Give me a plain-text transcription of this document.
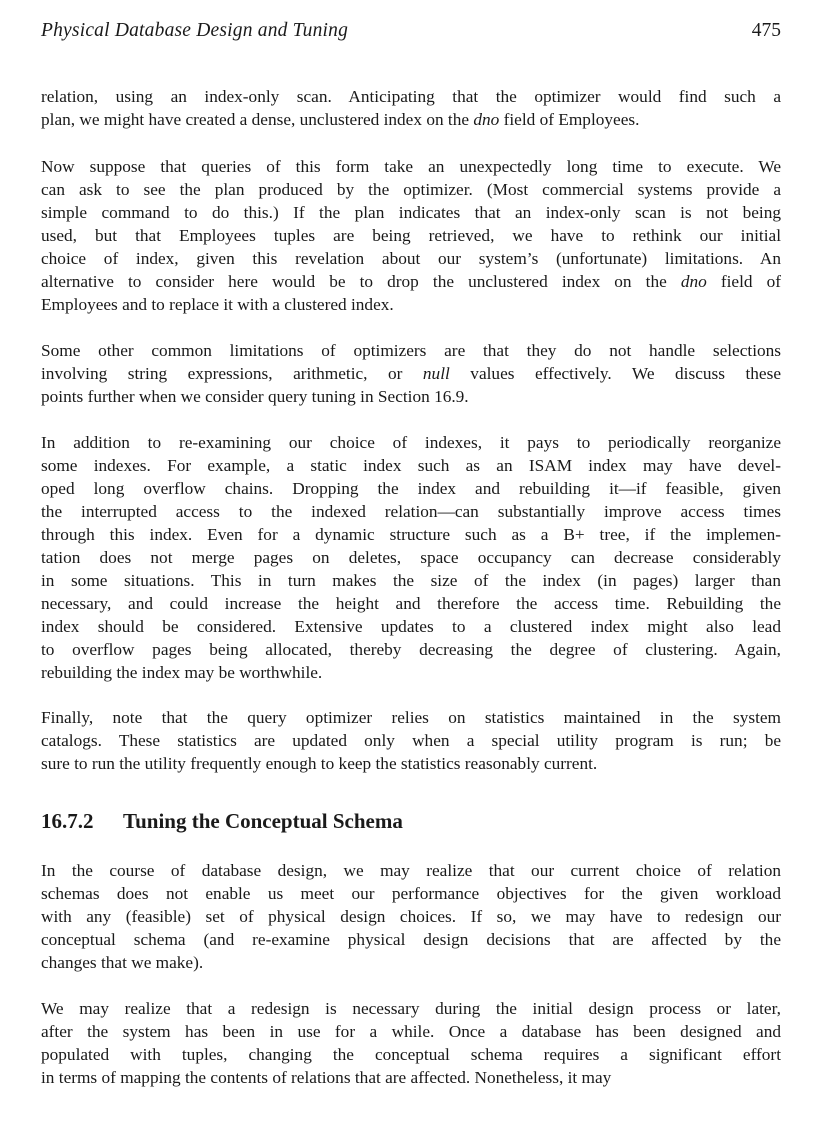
Physical Database Design and Tuning	475
relation, using an index-only scan. Anticipating that the optimizer would find such a
plan, we might have created a dense, unclustered index on the dno field of Employees.
Now suppose that queries of this form take an unexpectedly long time to execute. We
can ask to see the plan produced by the optimizer. (Most commercial systems provide a
simple command to do this.) If the plan indicates that an index-only scan is not being
used, but that Employees tuples are being retrieved, we have to rethink our initial
choice of index, given this revelation about our system’s (unfortunate) limitations. An
alternative to consider here would be to drop the unclustered index on the dno field of
Employees and to replace it with a clustered index.
Some other common limitations of optimizers are that they do not handle selections
involving string expressions, arithmetic, or null values effectively. We discuss these
points further when we consider query tuning in Section 16.9.
In addition to re-examining our choice of indexes, it pays to periodically reorganize
some indexes. For example, a static index such as an ISAM index may have devel-
oped long overflow chains. Dropping the index and rebuilding it—if feasible, given
the interrupted access to the indexed relation—can substantially improve access times
through this index. Even for a dynamic structure such as a B+ tree, if the implemen-
tation does not merge pages on deletes, space occupancy can decrease considerably
in some situations. This in turn makes the size of the index (in pages) larger than
necessary, and could increase the height and therefore the access time. Rebuilding the
index should be considered. Extensive updates to a clustered index might also lead
to overflow pages being allocated, thereby decreasing the degree of clustering. Again,
rebuilding the index may be worthwhile.
Finally, note that the query optimizer relies on statistics maintained in the system
catalogs. These statistics are updated only when a special utility program is run; be
sure to run the utility frequently enough to keep the statistics reasonably current.
16.7.2 Tuning the Conceptual Schema
In the course of database design, we may realize that our current choice of relation
schemas does not enable us meet our performance objectives for the given workload
with any (feasible) set of physical design choices. If so, we may have to redesign our
conceptual schema (and re-examine physical design decisions that are affected by the
changes that we make).
We may realize that a redesign is necessary during the initial design process or later,
after the system has been in use for a while. Once a database has been designed and
populated with tuples, changing the conceptual schema requires a significant effort
in terms of mapping the contents of relations that are affected. Nonetheless, it may
